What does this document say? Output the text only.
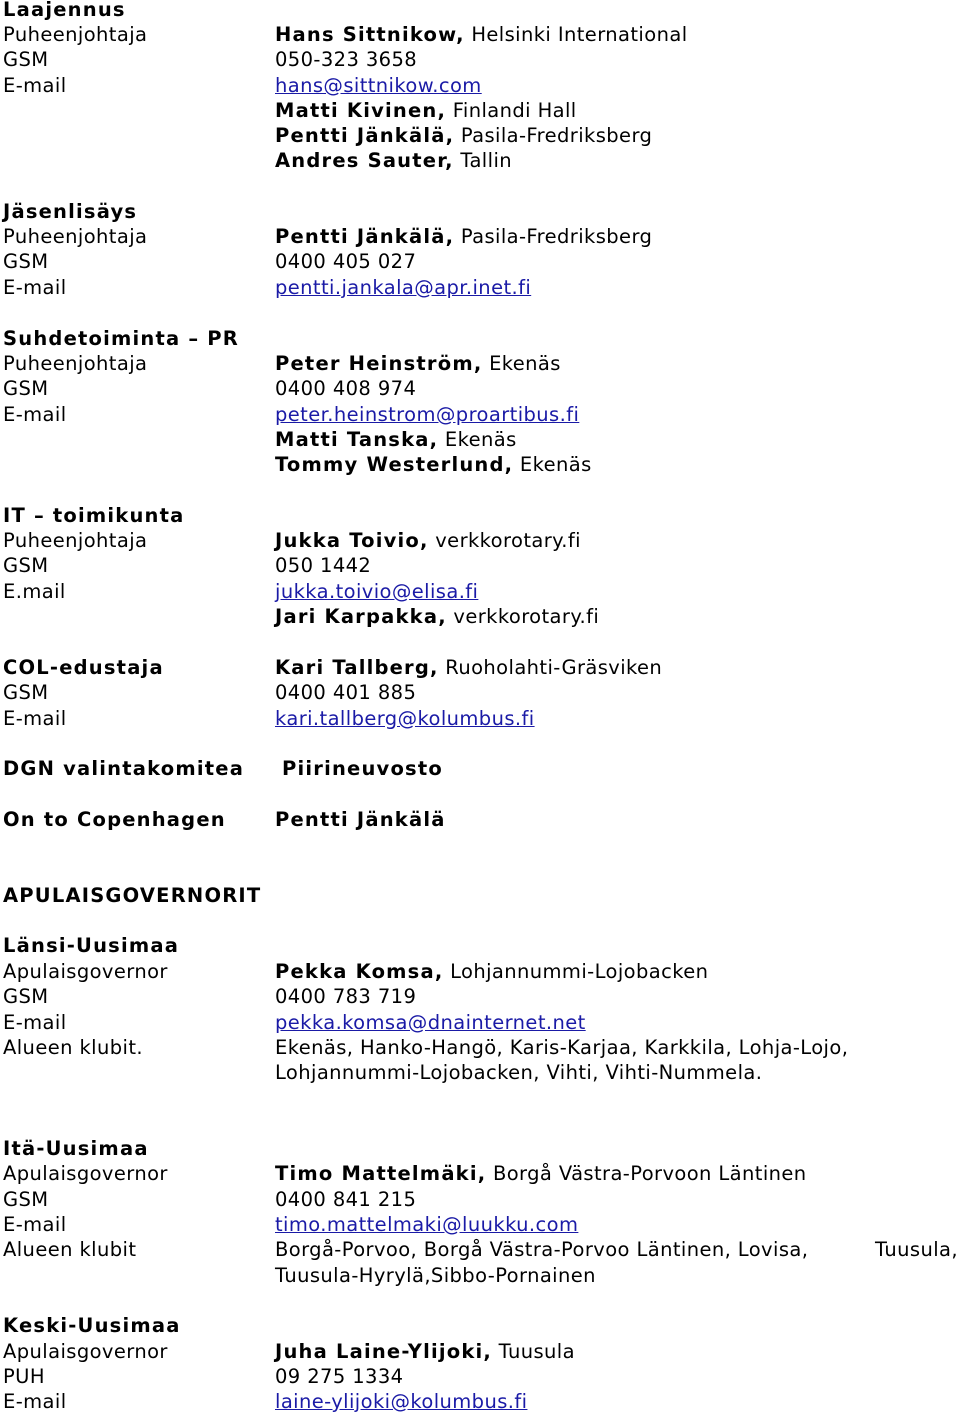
Laajennus
Puheenjohtaja	Hans Sittnikow, Helsinki International
GSM	050-323 3658
E-mail	hans@sittnikow.com
Matti Kivinen, Finlandi Hall
Pentti Jänkälä, Pasila-Fredriksberg
Andres Sauter, Tallin
Jäsenlisäys
Puheenjohtaja	Pentti Jänkälä, Pasila-Fredriksberg
GSM	0400 405 027
E-mail	pentti.jankala@apr.inet.fi
Suhdetoiminta – PR
Puheenjohtaja	Peter Heinström, Ekenäs
GSM	0400 408 974
E-mail	peter.heinstrom@proartibus.fi
Matti Tanska, Ekenäs
Tommy Westerlund, Ekenäs
IT – toimikunta
Puheenjohtaja	Jukka Toivio, verkkorotary.fi
GSM	050 1442
E.mail	jukka.toivio@elisa.fi
Jari Karpakka, verkkorotary.fi
COL-edustaja	Kari Tallberg, Ruoholahti-Gräsviken
GSM	0400 401 885
E-mail	kari.tallberg@kolumbus.fi
DGN valintakomitea Piirineuvosto
On to Copenhagen	Pentti Jänkälä
APULAISGOVERNORIT
Länsi-Uusimaa
Apulaisgovernor	Pekka Komsa, Lohjannummi-Lojobacken
GSM	0400 783 719
E-mail	pekka.komsa@dnainternet.net
Alueen klubit.	Ekenäs, Hanko-Hangö, Karis-Karjaa, Karkkila, Lohja-Lojo,
Lohjannummi-Lojobacken, Vihti, Vihti-Nummela.
Itä-Uusimaa
Apulaisgovernor	Timo Mattelmäki, Borgå Västra-Porvoon Läntinen
GSM	0400 841 215
E-mail	timo.mattelmaki@luukku.com
Alueen klubit	Borgå-Porvoo, Borgå Västra-Porvoo Läntinen, Lovisa,	Tuusula,
Tuusula-Hyrylä,Sibbo-Pornainen
Keski-Uusimaa
Apulaisgovernor	Juha Laine-Ylijoki, Tuusula
PUH	09 275 1334
E-mail	laine-ylijoki@kolumbus.fi
